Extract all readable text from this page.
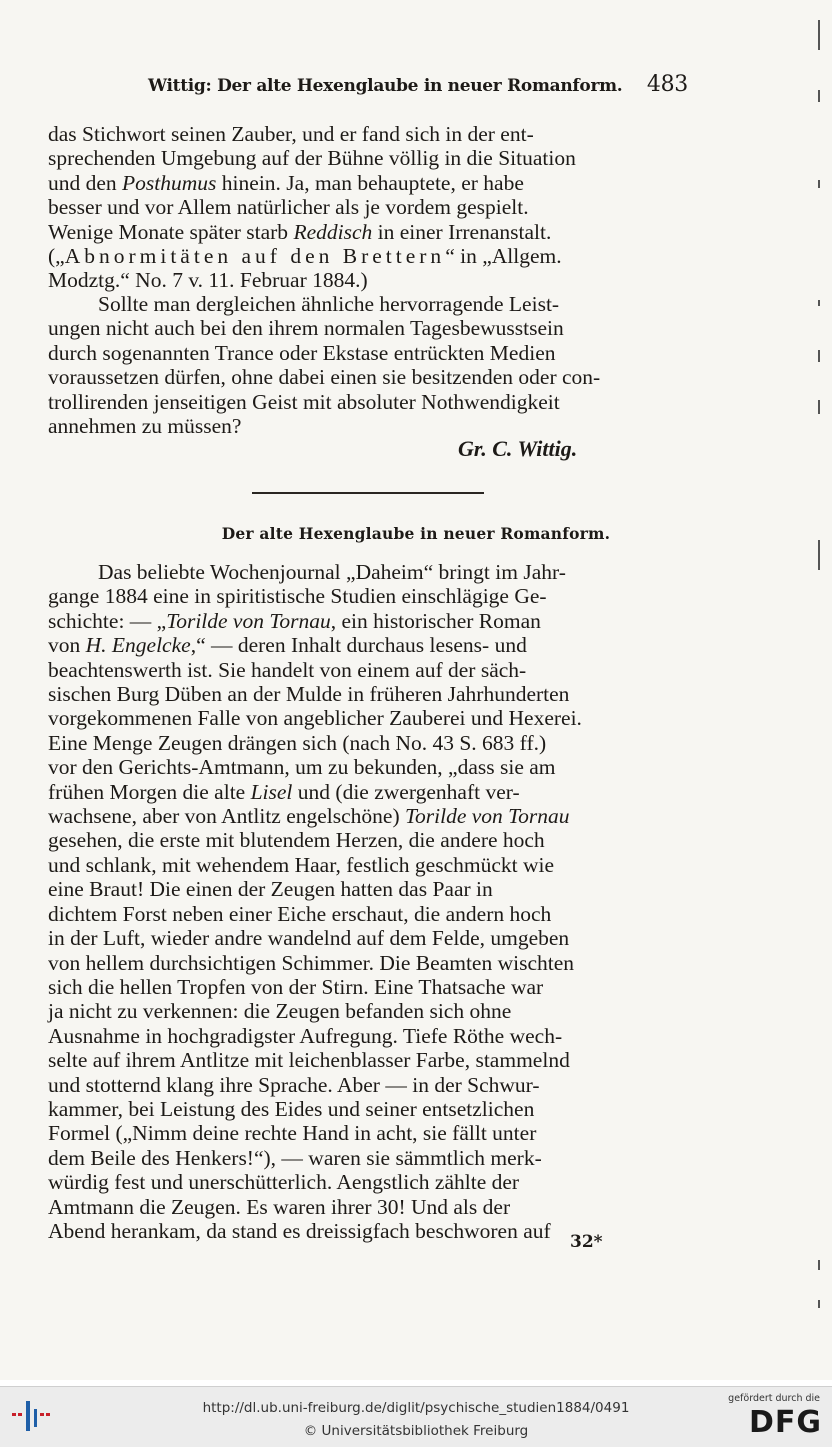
Wittig: Der alte Hexenglaube in neuer Romanform. 483

das Stichwort seinen Zauber, und er fand sich in der ent-

sprechenden Umgebung auf der Bühne völlig in die Situation

und den Posthumus hinein. Ja, man behauptete, er habe

besser und vor Allem natürlicher als je vordem gespielt.

Wenige Monate später starb Reddisch in einer Irrenanstalt.

(„Abnormitäten auf den Brettern“ in „Allgem.

Modztg.“ No. 7 v. 11. Februar 1884.)

Sollte man dergleichen ähnliche hervorragende Leist-

ungen nicht auch bei den ihrem normalen Tagesbewusstsein

durch sogenannten Trance oder Ekstase entrückten Medien

voraussetzen dürfen, ohne dabei einen sie besitzenden oder con-

trollirenden jenseitigen Geist mit absoluter Nothwendigkeit

annehmen zu müssen?

Gr. C. Wittig.
Der alte Hexenglaube in neuer Romanform.

Das beliebte Wochenjournal „Daheim“ bringt im Jahr-

gange 1884 eine in spiritistische Studien einschlägige Ge-

schichte: — „Torilde von Tornau, ein historischer Roman

von H. Engelcke,“ — deren Inhalt durchaus lesens- und

beachtenswerth ist. Sie handelt von einem auf der säch-

sischen Burg Düben an der Mulde in früheren Jahrhunderten

vorgekommenen Falle von angeblicher Zauberei und Hexerei.

Eine Menge Zeugen drängen sich (nach No. 43 S. 683 ff.)

vor den Gerichts-Amtmann, um zu bekunden, „dass sie am

frühen Morgen die alte Lisel und (die zwergenhaft ver-

wachsene, aber von Antlitz engelschöne) Torilde von Tornau

gesehen, die erste mit blutendem Herzen, die andere hoch

und schlank, mit wehendem Haar, festlich geschmückt wie

eine Braut! Die einen der Zeugen hatten das Paar in

dichtem Forst neben einer Eiche erschaut, die andern hoch

in der Luft, wieder andre wandelnd auf dem Felde, umgeben

von hellem durchsichtigen Schimmer. Die Beamten wischten

sich die hellen Tropfen von der Stirn. Eine Thatsache war

ja nicht zu verkennen: die Zeugen befanden sich ohne

Ausnahme in hochgradigster Aufregung. Tiefe Röthe wech-

selte auf ihrem Antlitze mit leichenblasser Farbe, stammelnd

und stotternd klang ihre Sprache. Aber — in der Schwur-

kammer, bei Leistung des Eides und seiner entsetzlichen

Formel („Nimm deine rechte Hand in acht, sie fällt unter

dem Beile des Henkers!“), — waren sie sämmtlich merk-

würdig fest und unerschütterlich. Aengstlich zählte der

Amtmann die Zeugen. Es waren ihrer 30! Und als der

Abend herankam, da stand es dreissigfach beschworen auf	32*
http://dl.ub.uni-freiburg.de/diglit/psychische_studien1884/0491
© Universitätsbibliothek Freiburg
gefördert durch die
DFG
